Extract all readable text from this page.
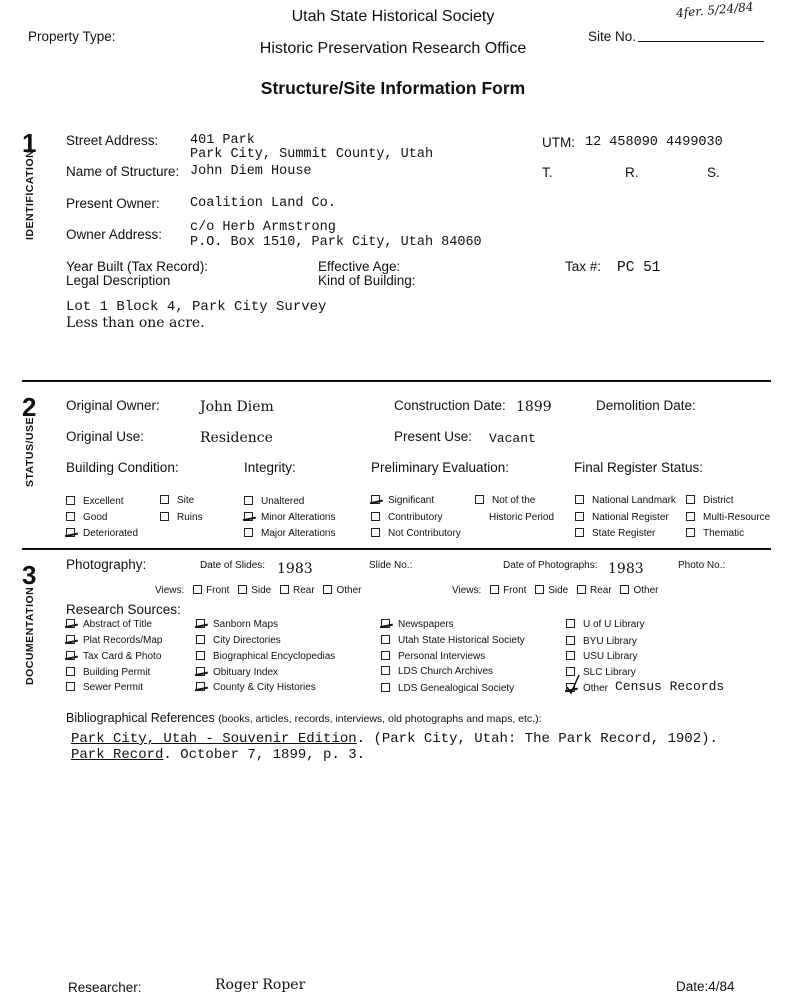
Utah State Historical Society
Property Type:
Historic Preservation Research Office
Site No.
4fer. 5/24/84
Structure/Site Information Form
1
IDENTIFICATION
Street Address: 401 Park
Park City, Summit County, Utah
UTM: 12 458090 4499030
Name of Structure: John Diem House	T.	R.	S.
Present Owner: Coalition Land Co.
Owner Address: c/o Herb Armstrong
P.O. Box 1510, Park City, Utah 84060
Year Built (Tax Record):	Effective Age:	Tax #: PC 51
Legal Description	Kind of Building:
Lot 1 Block 4, Park City Survey
Less than one acre.
2
STATUS/USE
Original Owner:	John Diem	Construction Date: 1899	Demolition Date:
Original Use:	Residence	Present Use: Vacant
Building Condition:	Integrity:	Preliminary Evaluation:	Final Register Status:
Excellent
Good
Deteriorated
Site
Ruins
Unaltered
Minor Alterations
Major Alterations
Significant
Contributory
Not Contributory
Not of the
Historic Period
National Landmark
National Register
State Register
District
Multi-Resource
Thematic
3
DOCUMENTATION
Photography:	Date of Slides: 1983	Slide No.:	Date of Photographs: 1983	Photo No.:
Views: Front Side Rear Other	Views: Front Side Rear Other
Research Sources:
Abstract of Title
Plat Records/Map
Tax Card & Photo
Building Permit
Sewer Permit
Sanborn Maps
City Directories
Biographical Encyclopedias
Obituary Index
County & City Histories
Newspapers
Utah State Historical Society
Personal Interviews
LDS Church Archives
LDS Genealogical Society
U of U Library
BYU Library
USU Library
SLC Library
Other Census Records
Bibliographical References (books, articles, records, interviews, old photographs and maps, etc.):
Park City, Utah - Souvenir Edition. (Park City, Utah: The Park Record, 1902).
Park Record. October 7, 1899, p. 3.
Researcher:	Roger Roper	Date:4/84
